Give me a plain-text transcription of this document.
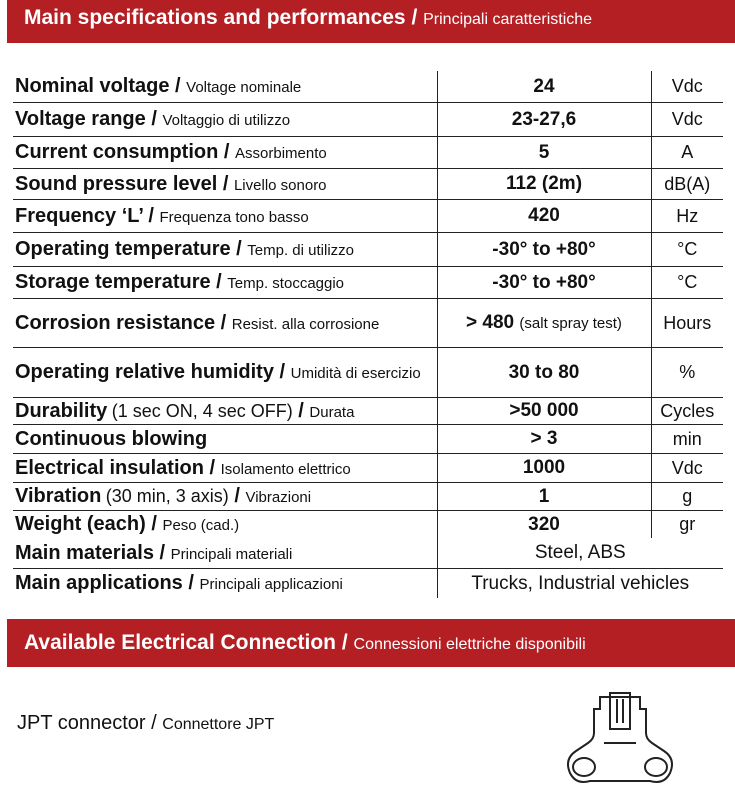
Main specifications and performances / Principali caratteristiche
Nominal voltage / Voltage nominale	24	Vdc
Voltage range / Voltaggio di utilizzo	23-27,6	Vdc
Current consumption / Assorbimento	5	A
Sound pressure level / Livello sonoro	112 (2m)	dB(A)
Frequency ‘L’ / Frequenza tono basso	420	Hz
Operating temperature / Temp. di utilizzo	-30° to +80°	°C
Storage temperature / Temp. stoccaggio	-30° to +80°	°C
Corrosion resistance / Resist. alla corrosione	> 480 (salt spray test)	Hours
Operating relative humidity / Umidità di esercizio	30 to 80	%
Durability (1 sec ON, 4 sec OFF) / Durata	>50 000	Cycles
Continuous blowing	> 3	min
Electrical insulation / Isolamento elettrico	1000	Vdc
Vibration (30 min, 3 axis) / Vibrazioni	1	g
Weight (each) / Peso (cad.)	320	gr
Main materials / Principali materiali	Steel, ABS	
Main applications / Principali applicazioni	Trucks, Industrial vehicles	
Available Electrical Connection / Connessioni elettriche disponibili
JPT connector / Connettore JPT
